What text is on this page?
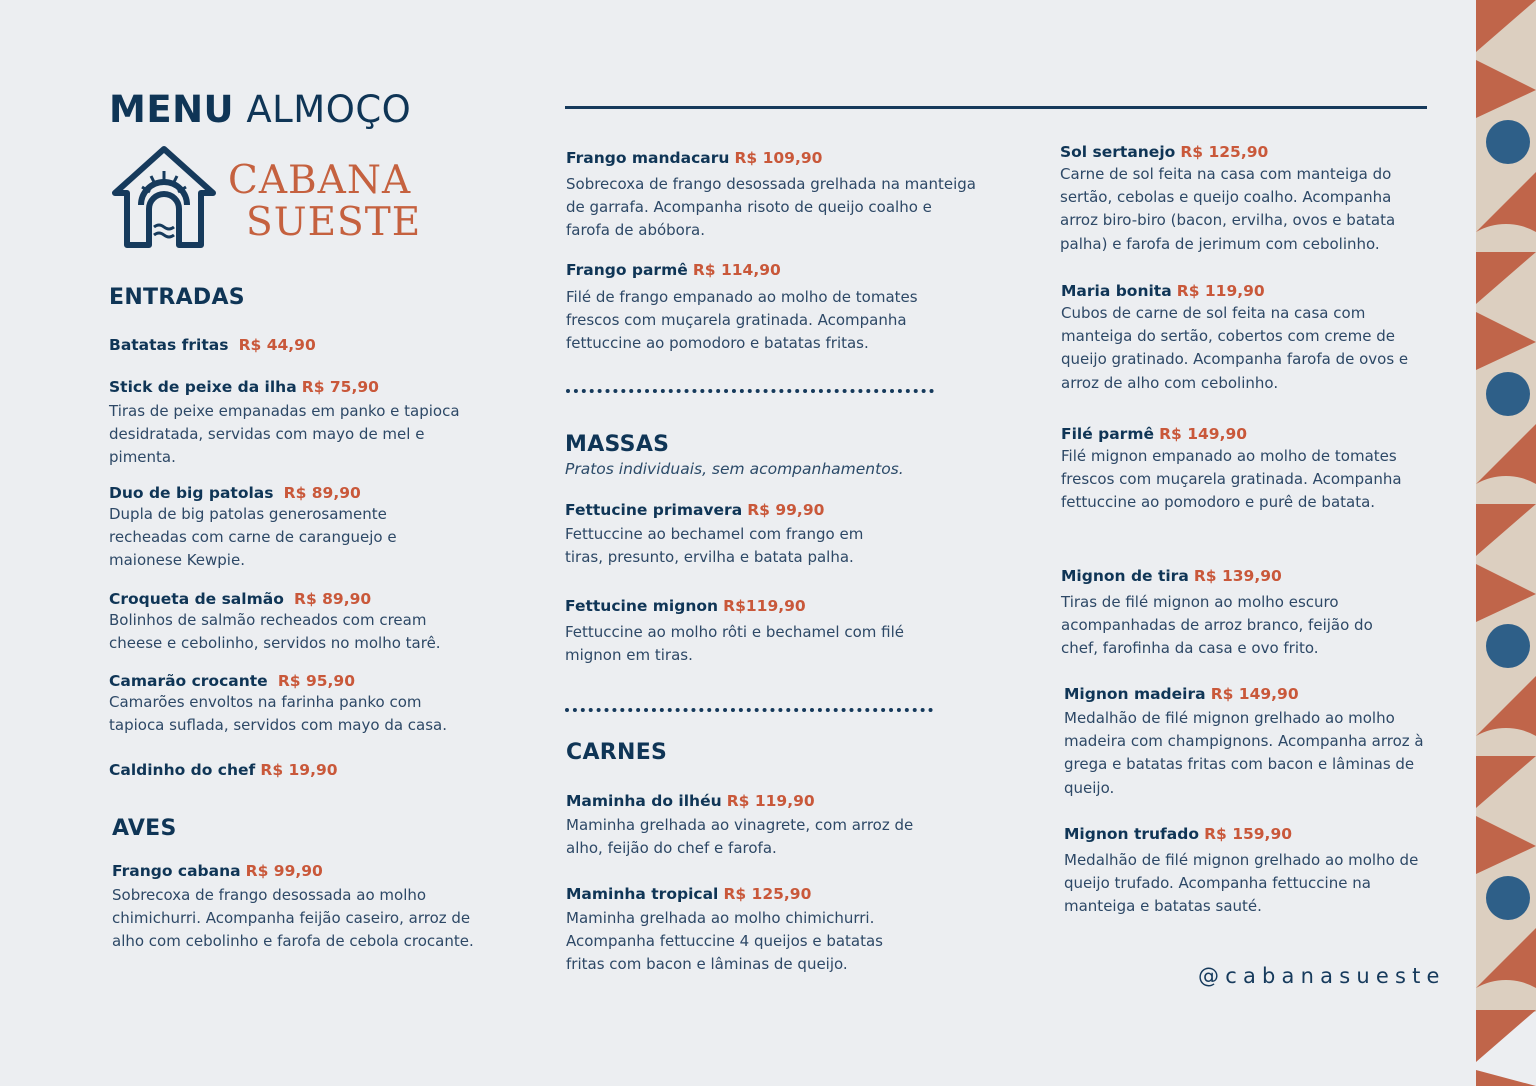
MENU ALMOÇO
CABANA
SUESTE
ENTRADAS
Batatas fritas R$ 44,90
Stick de peixe da ilha R$ 75,90
Tiras de peixe empanadas em panko e tapioca desidratada, servidas com mayo de mel e pimenta.
Duo de big patolas R$ 89,90
Dupla de big patolas generosamente recheadas com carne de caranguejo e maionese Kewpie.
Croqueta de salmão R$ 89,90
Bolinhos de salmão recheados com cream cheese e cebolinho, servidos no molho tarê.
Camarão crocante R$ 95,90
Camarões envoltos na farinha panko com tapioca suflada, servidos com mayo da casa.
Caldinho do chef R$ 19,90
AVES
Frango cabana R$ 99,90
Sobrecoxa de frango desossada ao molho chimichurri. Acompanha feijão caseiro, arroz de alho com cebolinho e farofa de cebola crocante.
Frango mandacaru R$ 109,90
Sobrecoxa de frango desossada grelhada na manteiga de garrafa. Acompanha risoto de queijo coalho e farofa de abóbora.
Frango parmê R$ 114,90
Filé de frango empanado ao molho de tomates frescos com muçarela gratinada. Acompanha fettuccine ao pomodoro e batatas fritas.
MASSAS
Pratos individuais, sem acompanhamentos.
Fettucine primavera R$ 99,90
Fettuccine ao bechamel com frango em tiras, presunto, ervilha e batata palha.
Fettucine mignon R$119,90
Fettuccine ao molho rôti e bechamel com filé mignon em tiras.
CARNES
Maminha do ilhéu R$ 119,90
Maminha grelhada ao vinagrete, com arroz de alho, feijão do chef e farofa.
Maminha tropical R$ 125,90
Maminha grelhada ao molho chimichurri. Acompanha fettuccine 4 queijos e batatas fritas com bacon e lâminas de queijo.
Sol sertanejo R$ 125,90
Carne de sol feita na casa com manteiga do sertão, cebolas e queijo coalho. Acompanha arroz biro-biro (bacon, ervilha, ovos e batata palha) e farofa de jerimum com cebolinho.
Maria bonita R$ 119,90
Cubos de carne de sol feita na casa com manteiga do sertão, cobertos com creme de queijo gratinado. Acompanha farofa de ovos e arroz de alho com cebolinho.
Filé parmê R$ 149,90
Filé mignon empanado ao molho de tomates frescos com muçarela gratinada. Acompanha fettuccine ao pomodoro e purê de batata.
Mignon de tira R$ 139,90
Tiras de filé mignon ao molho escuro acompanhadas de arroz branco, feijão do chef, farofinha da casa e ovo frito.
Mignon madeira R$ 149,90
Medalhão de filé mignon grelhado ao molho madeira com champignons. Acompanha arroz à grega e batatas fritas com bacon e lâminas de queijo.
Mignon trufado R$ 159,90
Medalhão de filé mignon grelhado ao molho de queijo trufado. Acompanha fettuccine na manteiga e batatas sauté.
@cabanasueste
